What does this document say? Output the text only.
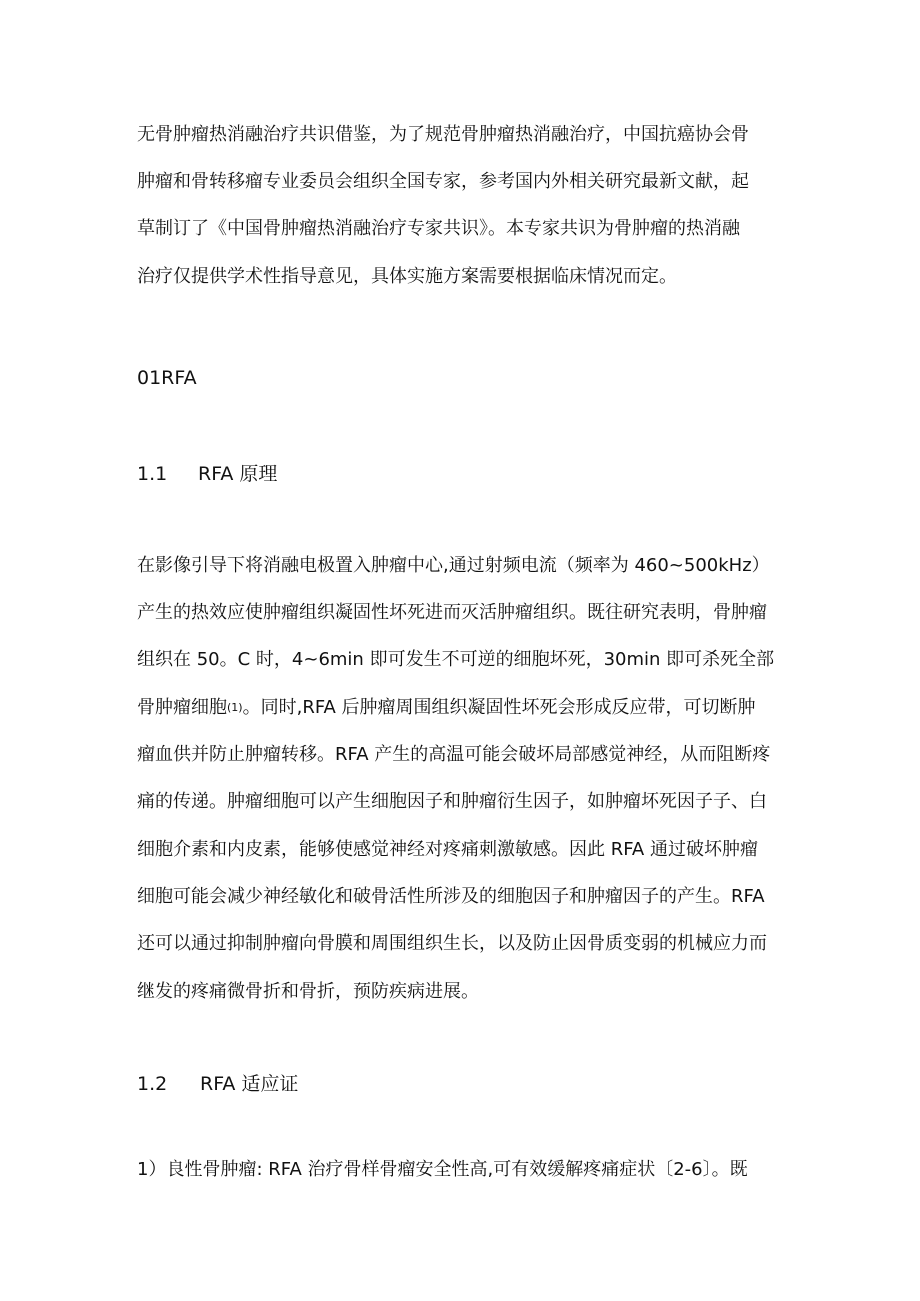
无骨肿瘤热消融治疗共识借鉴，为了规范骨肿瘤热消融治疗，中国抗癌协会骨
肿瘤和骨转移瘤专业委员会组织全国专家，参考国内外相关研究最新文献，起
草制订了《中国骨肿瘤热消融治疗专家共识》。本专家共识为骨肿瘤的热消融
治疗仅提供学术性指导意见，具体实施方案需要根据临床情况而定。
01RFA
1.1 RFA 原理
在影像引导下将消融电极置入肿瘤中心,通过射频电流（频率为 460~500kHz）
产生的热效应使肿瘤组织凝固性坏死进而灭活肿瘤组织。既往研究表明，骨肿瘤
组织在 50。C 时，4~6min 即可发生不可逆的细胞坏死，30min 即可杀死全部
骨肿瘤细胞(1)。同时,RFA 后肿瘤周围组织凝固性坏死会形成反应带，可切断肿
瘤血供并防止肿瘤转移。RFA 产生的高温可能会破坏局部感觉神经，从而阻断疼
痛的传递。肿瘤细胞可以产生细胞因子和肿瘤衍生因子，如肿瘤坏死因子子、白
细胞介素和内皮素，能够使感觉神经对疼痛刺激敏感。因此 RFA 通过破坏肿瘤
细胞可能会减少神经敏化和破骨活性所涉及的细胞因子和肿瘤因子的产生。RFA
还可以通过抑制肿瘤向骨膜和周围组织生长，以及防止因骨质变弱的机械应力而
继发的疼痛微骨折和骨折，预防疾病进展。
1.2 RFA 适应证
1）良性骨肿瘤: RFA 治疗骨样骨瘤安全性高,可有效缓解疼痛症状〔2-6〕。既
